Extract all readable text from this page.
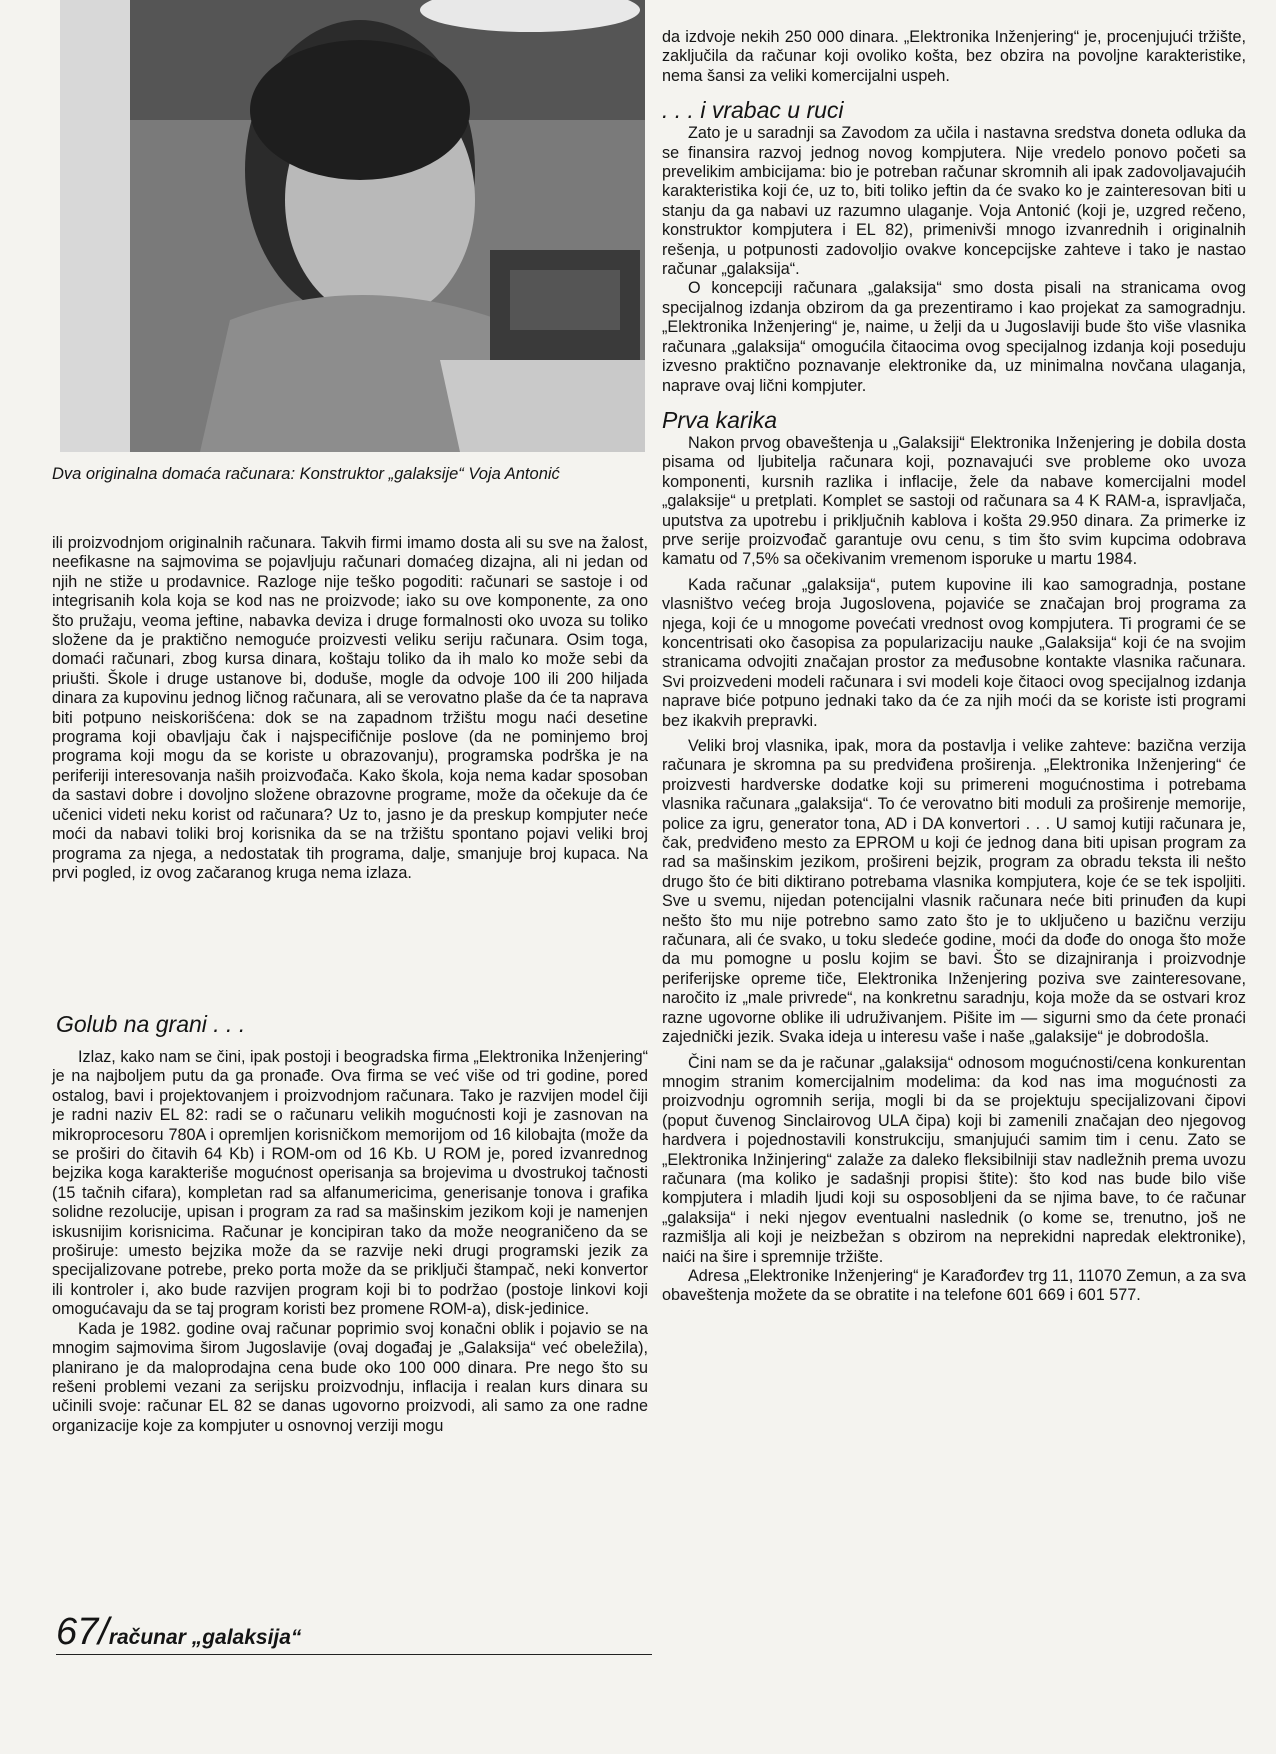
Dva originalna domaća računara: Konstruktor „galaksije“ Voja Antonić

ili proizvodnjom originalnih računara. Takvih firmi imamo dosta ali su sve na žalost, neefikasne na sajmovima se pojavljuju računari domaćeg dizajna, ali ni jedan od njih ne stiže u prodavnice. Razloge nije teško pogoditi: računari se sastoje i od integrisanih kola koja se kod nas ne proizvode; iako su ove komponente, za ono što pružaju, veoma jeftine, nabavka deviza i druge formalnosti oko uvoza su toliko složene da je praktično nemoguće proizvesti veliku seriju računara. Osim toga, domaći računari, zbog kursa dinara, koštaju toliko da ih malo ko može sebi da priušti. Škole i druge ustanove bi, doduše, mogle da odvoje 100 ili 200 hiljada dinara za kupovinu jednog ličnog računara, ali se verovatno plaše da će ta naprava biti potpuno neiskorišćena: dok se na zapadnom tržištu mogu naći desetine programa koji obavljaju čak i najspecifičnije poslove (da ne pominjemo broj programa koji mogu da se koriste u obrazovanju), programska podrška je na periferiji interesovanja naših proizvođača. Kako škola, koja nema kadar sposoban da sastavi dobre i dovoljno složene obrazovne programe, može da očekuje da će učenici videti neku korist od računara? Uz to, jasno je da preskup kompjuter neće moći da nabavi toliki broj korisnika da se na tržištu spontano pojavi veliki broj programa za njega, a nedostatak tih programa, dalje, smanjuje broj kupaca. Na prvi pogled, iz ovog začaranog kruga nema izlaza.

Golub na grani . . .

Izlaz, kako nam se čini, ipak postoji i beogradska firma „Elektronika Inženjering“ je na najboljem putu da ga pronađe. Ova firma se već više od tri godine, pored ostalog, bavi i projektovanjem i proizvodnjom računara. Tako je razvijen model čiji je radni naziv EL 82: radi se o računaru velikih mogućnosti koji je zasnovan na mikroprocesoru 780A i opremljen korisničkom memorijom od 16 kilobajta (može da se proširi do čitavih 64 Kb) i ROM-om od 16 Kb. U ROM je, pored izvanrednog bejzika koga karakteriše mogućnost operisanja sa brojevima u dvostrukoj tačnosti (15 tačnih cifara), kompletan rad sa alfanumericima, generisanje tonova i grafika solidne rezolucije, upisan i program za rad sa mašinskim jezikom koji je namenjen iskusnijim korisnicima. Računar je koncipiran tako da može neograničeno da se proširuje: umesto bejzika može da se razvije neki drugi programski jezik za specijalizovane potrebe, preko porta može da se priključi štampač, neki konvertor ili kontroler i, ako bude razvijen program koji bi to podržao (postoje linkovi koji omogućavaju da se taj program koristi bez promene ROM-a), disk-jedinice.

Kada je 1982. godine ovaj računar poprimio svoj konačni oblik i pojavio se na mnogim sajmovima širom Jugoslavije (ovaj događaj je „Galaksija“ već obeležila), planirano je da maloprodajna cena bude oko 100 000 dinara. Pre nego što su rešeni problemi vezani za serijsku proizvodnju, inflacija i realan kurs dinara su učinili svoje: računar EL 82 se danas ugovorno proizvodi, ali samo za one radne organizacije koje za kompjuter u osnovnoj verziji mogu

67/računar „galaksija“

da izdvoje nekih 250 000 dinara. „Elektronika Inženjering“ je, procenjujući tržište, zaključila da računar koji ovoliko košta, bez obzira na povoljne karakteristike, nema šansi za veliki komercijalni uspeh.

. . . i vrabac u ruci

Zato je u saradnji sa Zavodom za učila i nastavna sredstva doneta odluka da se finansira razvoj jednog novog kompjutera. Nije vredelo ponovo početi sa prevelikim ambicijama: bio je potreban računar skromnih ali ipak zadovoljavajućih karakteristika koji će, uz to, biti toliko jeftin da će svako ko je zainteresovan biti u stanju da ga nabavi uz razumno ulaganje. Voja Antonić (koji je, uzgred rečeno, konstruktor kompjutera i EL 82), primenivši mnogo izvanrednih i originalnih rešenja, u potpunosti zadovoljio ovakve koncepcijske zahteve i tako je nastao računar „galaksija“.

O koncepciji računara „galaksija“ smo dosta pisali na stranicama ovog specijalnog izdanja obzirom da ga prezentiramo i kao projekat za samogradnju. „Elektronika Inženjering“ je, naime, u želji da u Jugoslaviji bude što više vlasnika računara „galaksija“ omogućila čitaocima ovog specijalnog izdanja koji poseduju izvesno praktično poznavanje elektronike da, uz minimalna novčana ulaganja, naprave ovaj lični kompjuter.

Prva karika

Nakon prvog obaveštenja u „Galaksiji“ Elektronika Inženjering je dobila dosta pisama od ljubitelja računara koji, poznavajući sve probleme oko uvoza komponenti, kursnih razlika i inflacije, žele da nabave komercijalni model „galaksije“ u pretplati. Komplet se sastoji od računara sa 4 K RAM-a, ispravljača, uputstva za upotrebu i priključnih kablova i košta 29.950 dinara. Za primerke iz prve serije proizvođač garantuje ovu cenu, s tim što svim kupcima odobrava kamatu od 7,5% sa očekivanim vremenom isporuke u martu 1984.

Kada računar „galaksija“, putem kupovine ili kao samogradnja, postane vlasništvo većeg broja Jugoslovena, pojaviće se značajan broj programa za njega, koji će u mnogome povećati vrednost ovog kompjutera. Ti programi će se koncentrisati oko časopisa za popularizaciju nauke „Galaksija“ koji će na svojim stranicama odvojiti značajan prostor za međusobne kontakte vlasnika računara. Svi proizvedeni modeli računara i svi modeli koje čitaoci ovog specijalnog izdanja naprave biće potpuno jednaki tako da će za njih moći da se koriste isti programi bez ikakvih prepravki.

Veliki broj vlasnika, ipak, mora da postavlja i velike zahteve: bazična verzija računara je skromna pa su predviđena proširenja. „Elektronika Inženjering“ će proizvesti hardverske dodatke koji su primereni mogućnostima i potrebama vlasnika računara „galaksija“. To će verovatno biti moduli za proširenje memorije, police za igru, generator tona, AD i DA konvertori . . . U samoj kutiji računara je, čak, predviđeno mesto za EPROM u koji će jednog dana biti upisan program za rad sa mašinskim jezikom, prošireni bejzik, program za obradu teksta ili nešto drugo što će biti diktirano potrebama vlasnika kompjutera, koje će se tek ispoljiti. Sve u svemu, nijedan potencijalni vlasnik računara neće biti prinuđen da kupi nešto što mu nije potrebno samo zato što je to uključeno u bazičnu verziju računara, ali će svako, u toku sledeće godine, moći da dođe do onoga što može da mu pomogne u poslu kojim se bavi. Što se dizajniranja i proizvodnje periferijske opreme tiče, Elektronika Inženjering poziva sve zainteresovane, naročito iz „male privrede“, na konkretnu saradnju, koja može da se ostvari kroz razne ugovorne oblike ili udruživanjem. Pišite im — sigurni smo da ćete pronaći zajednički jezik. Svaka ideja u interesu vaše i naše „galaksije“ je dobrodošla.

Čini nam se da je računar „galaksija“ odnosom mogućnosti/cena konkurentan mnogim stranim komercijalnim modelima: da kod nas ima mogućnosti za proizvodnju ogromnih serija, mogli bi da se projektuju specijalizovani čipovi (poput čuvenog Sinclairovog ULA čipa) koji bi zamenili značajan deo njegovog hardvera i pojednostavili konstrukciju, smanjujući samim tim i cenu. Zato se „Elektronika Inžinjering“ zalaže za daleko fleksibilniji stav nadležnih prema uvozu računara (ma koliko je sadašnji propisi štite): što kod nas bude bilo više kompjutera i mladih ljudi koji su osposobljeni da se njima bave, to će računar „galaksija“ i neki njegov eventualni naslednik (o kome se, trenutno, još ne razmišlja ali koji je neizbežan s obzirom na neprekidni napredak elektronike), naići na šire i spremnije tržište.

Adresa „Elektronike Inženjering“ je Karađorđev trg 11, 11070 Zemun, a za sva obaveštenja možete da se obratite i na telefone 601 669 i 601 577.
